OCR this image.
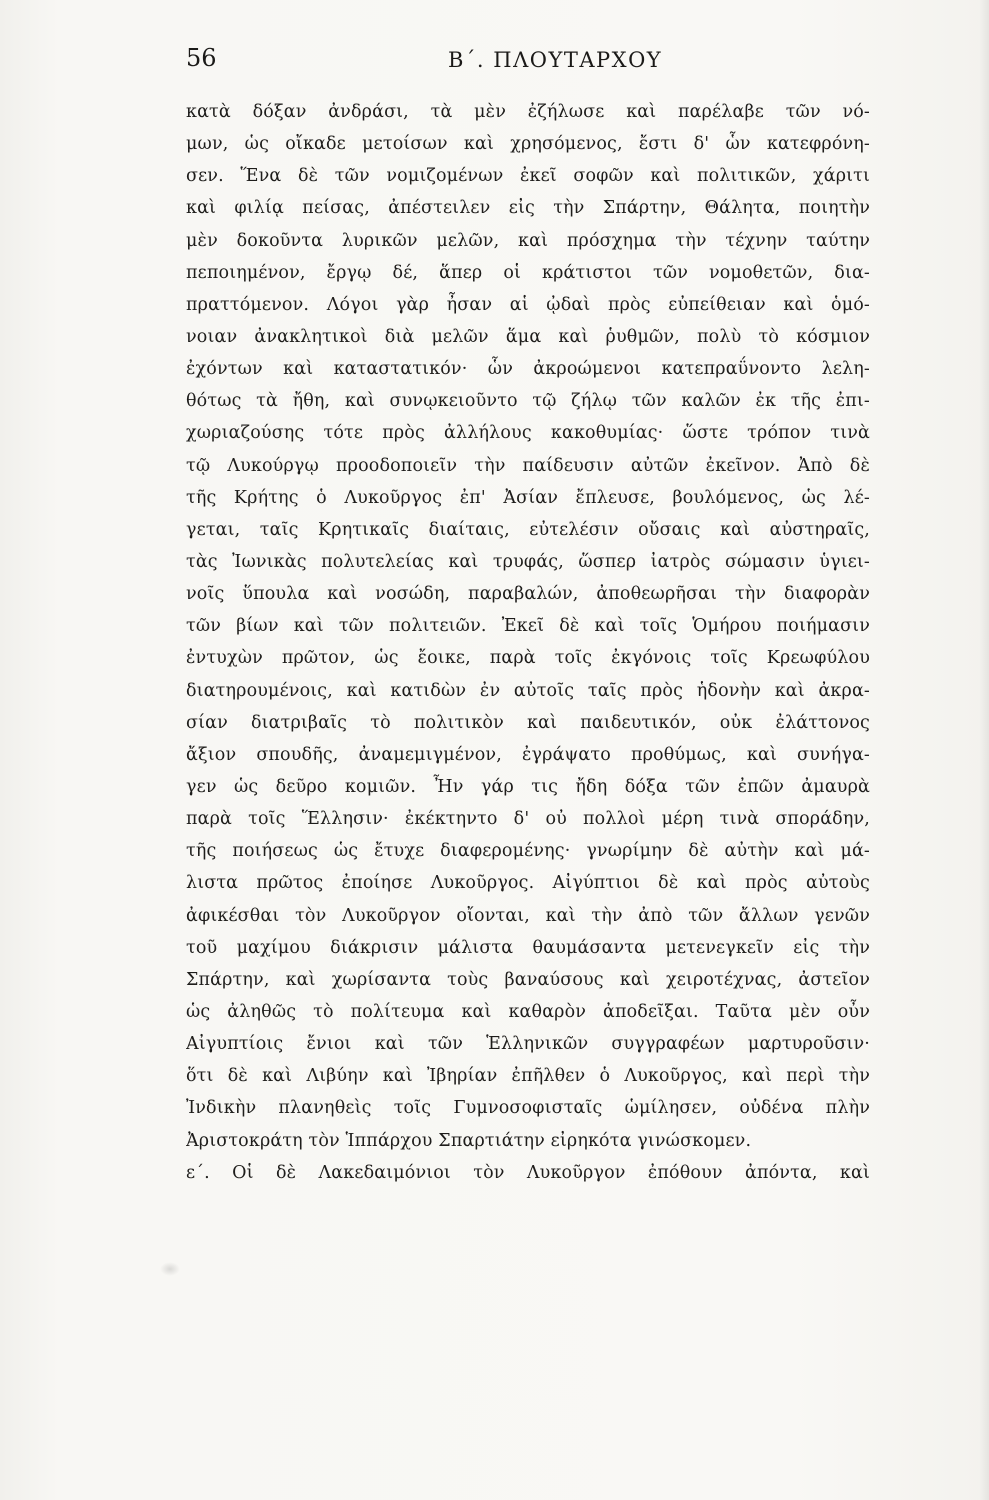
56	Β΄. ΠΛΟΥΤΑΡΧΟΥ
κατὰ δόξαν ἀνδράσι, τὰ μὲν ἐζήλωσε καὶ παρέλαβε τῶν νό-
μων, ὡς οἴκαδε μετοίσων καὶ χρησόμενος, ἔστι δ' ὧν κατεφρόνη-
σεν. Ἕνα δὲ τῶν νομιζομένων ἐκεῖ σοφῶν καὶ πολιτικῶν, χάριτι
καὶ φιλίᾳ πείσας, ἀπέστειλεν εἰς τὴν Σπάρτην, Θάλητα, ποιητὴν
μὲν δοκοῦντα λυρικῶν μελῶν, καὶ πρόσχημα τὴν τέχνην ταύτην
πεποιημένον, ἔργῳ δέ, ἅπερ οἱ κράτιστοι τῶν νομοθετῶν, δια-
πραττόμενον. Λόγοι γὰρ ἦσαν αἱ ᾠδαὶ πρὸς εὐπείθειαν καὶ ὁμό-
νοιαν ἀνακλητικοὶ διὰ μελῶν ἅμα καὶ ῥυθμῶν, πολὺ τὸ κόσμιον
ἐχόντων καὶ καταστατικόν· ὧν ἀκροώμενοι κατεπραΰνοντο λελη-
θότως τὰ ἤθη, καὶ συνῳκειοῦντο τῷ ζήλῳ τῶν καλῶν ἐκ τῆς ἐπι-
χωριαζούσης τότε πρὸς ἀλλήλους κακοθυμίας· ὥστε τρόπον τινὰ
τῷ Λυκούργῳ προοδοποιεῖν τὴν παίδευσιν αὐτῶν ἐκεῖνον. Ἀπὸ δὲ
τῆς Κρήτης ὁ Λυκοῦργος ἐπ' Ἀσίαν ἔπλευσε, βουλόμενος, ὡς λέ-
γεται, ταῖς Κρητικαῖς διαίταις, εὐτελέσιν οὔσαις καὶ αὐστηραῖς,
τὰς Ἰωνικὰς πολυτελείας καὶ τρυφάς, ὥσπερ ἰατρὸς σώμασιν ὑγιει-
νοῖς ὕπουλα καὶ νοσώδη, παραβαλών, ἀποθεωρῆσαι τὴν διαφορὰν
τῶν βίων καὶ τῶν πολιτειῶν. Ἐκεῖ δὲ καὶ τοῖς Ὁμήρου ποιήμασιν
ἐντυχὼν πρῶτον, ὡς ἔοικε, παρὰ τοῖς ἐκγόνοις τοῖς Κρεωφύλου
διατηρουμένοις, καὶ κατιδὼν ἐν αὐτοῖς ταῖς πρὸς ἡδονὴν καὶ ἀκρα-
σίαν διατριβαῖς τὸ πολιτικὸν καὶ παιδευτικόν, οὐκ ἐλάττονος
ἄξιον σπουδῆς, ἀναμεμιγμένον, ἐγράψατο προθύμως, καὶ συνήγα-
γεν ὡς δεῦρο κομιῶν. Ἦν γάρ τις ἤδη δόξα τῶν ἐπῶν ἀμαυρὰ
παρὰ τοῖς Ἕλλησιν· ἐκέκτηντο δ' οὐ πολλοὶ μέρη τινὰ σποράδην,
τῆς ποιήσεως ὡς ἔτυχε διαφερομένης· γνωρίμην δὲ αὐτὴν καὶ μά-
λιστα πρῶτος ἐποίησε Λυκοῦργος. Αἰγύπτιοι δὲ καὶ πρὸς αὐτοὺς
ἀφικέσθαι τὸν Λυκοῦργον οἴονται, καὶ τὴν ἀπὸ τῶν ἄλλων γενῶν
τοῦ μαχίμου διάκρισιν μάλιστα θαυμάσαντα μετενεγκεῖν εἰς τὴν
Σπάρτην, καὶ χωρίσαντα τοὺς βαναύσους καὶ χειροτέχνας, ἀστεῖον
ὡς ἀληθῶς τὸ πολίτευμα καὶ καθαρὸν ἀποδεῖξαι. Ταῦτα μὲν οὖν
Αἰγυπτίοις ἔνιοι καὶ τῶν Ἑλληνικῶν συγγραφέων μαρτυροῦσιν·
ὅτι δὲ καὶ Λιβύην καὶ Ἰβηρίαν ἐπῆλθεν ὁ Λυκοῦργος, καὶ περὶ τὴν
Ἰνδικὴν πλανηθεὶς τοῖς Γυμνοσοφισταῖς ὡμίλησεν, οὐδένα πλὴν
Ἀριστοκράτη τὸν Ἱππάρχου Σπαρτιάτην εἰρηκότα γινώσκομεν.
ε΄. Οἱ δὲ Λακεδαιμόνιοι τὸν Λυκοῦργον ἐπόθουν ἀπόντα, καὶ
